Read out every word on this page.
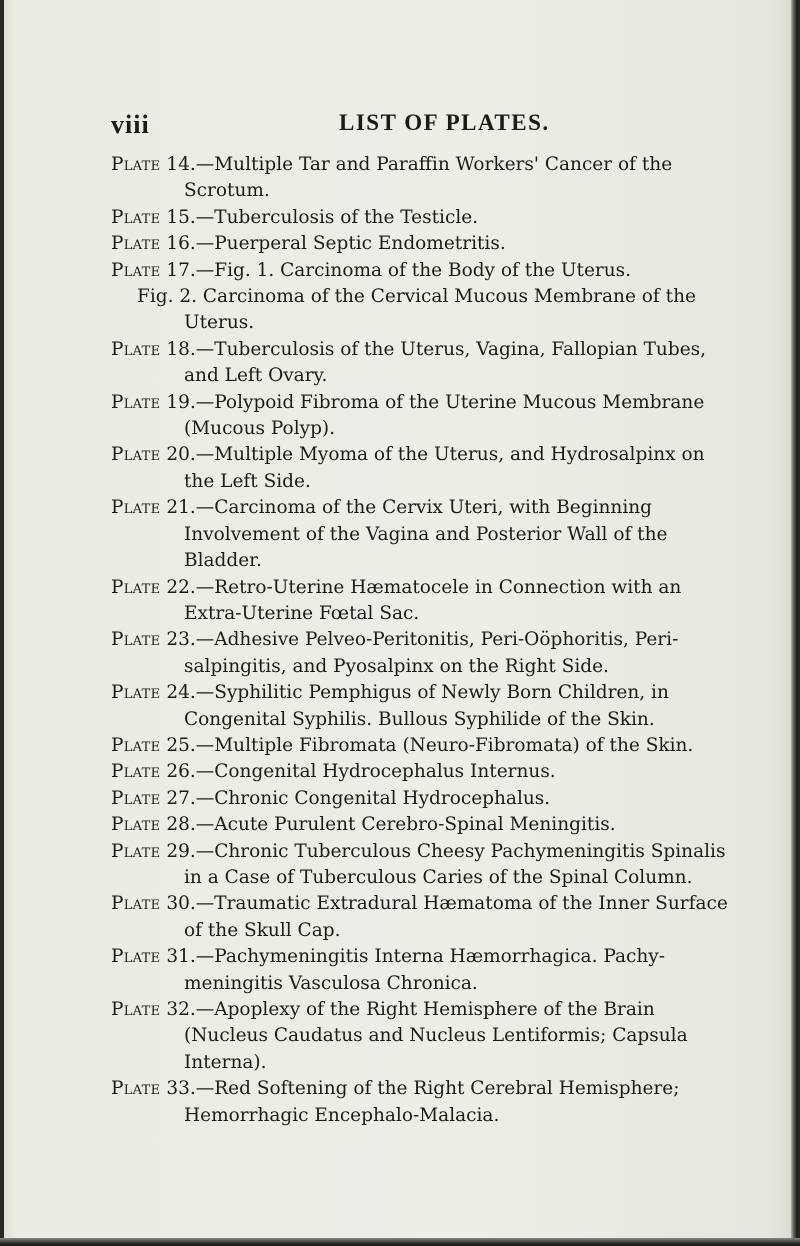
viii	LIST OF PLATES.

Plate 14.—Multiple Tar and Paraffin Workers' Cancer of the Scrotum.

Plate 15.—Tuberculosis of the Testicle.

Plate 16.—Puerperal Septic Endometritis.

Plate 17.—Fig. 1. Carcinoma of the Body of the Uterus.

Fig. 2. Carcinoma of the Cervical Mucous Membrane of the Uterus.

Plate 18.—Tuberculosis of the Uterus, Vagina, Fallopian Tubes, and Left Ovary.

Plate 19.—Polypoid Fibroma of the Uterine Mucous Membrane (Mucous Polyp).

Plate 20.—Multiple Myoma of the Uterus, and Hydrosalpinx on the Left Side.

Plate 21.—Carcinoma of the Cervix Uteri, with Beginning Involvement of the Vagina and Posterior Wall of the Bladder.

Plate 22.—Retro-Uterine Hæmatocele in Connection with an Extra-Uterine Fœtal Sac.

Plate 23.—Adhesive Pelveo-Peritonitis, Peri-Oöphoritis, Peri-salpingitis, and Pyosalpinx on the Right Side.

Plate 24.—Syphilitic Pemphigus of Newly Born Children, in Congenital Syphilis. Bullous Syphilide of the Skin.

Plate 25.—Multiple Fibromata (Neuro-Fibromata) of the Skin.

Plate 26.—Congenital Hydrocephalus Internus.

Plate 27.—Chronic Congenital Hydrocephalus.

Plate 28.—Acute Purulent Cerebro-Spinal Meningitis.

Plate 29.—Chronic Tuberculous Cheesy Pachymeningitis Spinalis in a Case of Tuberculous Caries of the Spinal Column.

Plate 30.—Traumatic Extradural Hæmatoma of the Inner Surface of the Skull Cap.

Plate 31.—Pachymeningitis Interna Hæmorrhagica. Pachy-meningitis Vasculosa Chronica.

Plate 32.—Apoplexy of the Right Hemisphere of the Brain (Nucleus Caudatus and Nucleus Lentiformis; Capsula Interna).

Plate 33.—Red Softening of the Right Cerebral Hemisphere; Hemorrhagic Encephalo-Malacia.
